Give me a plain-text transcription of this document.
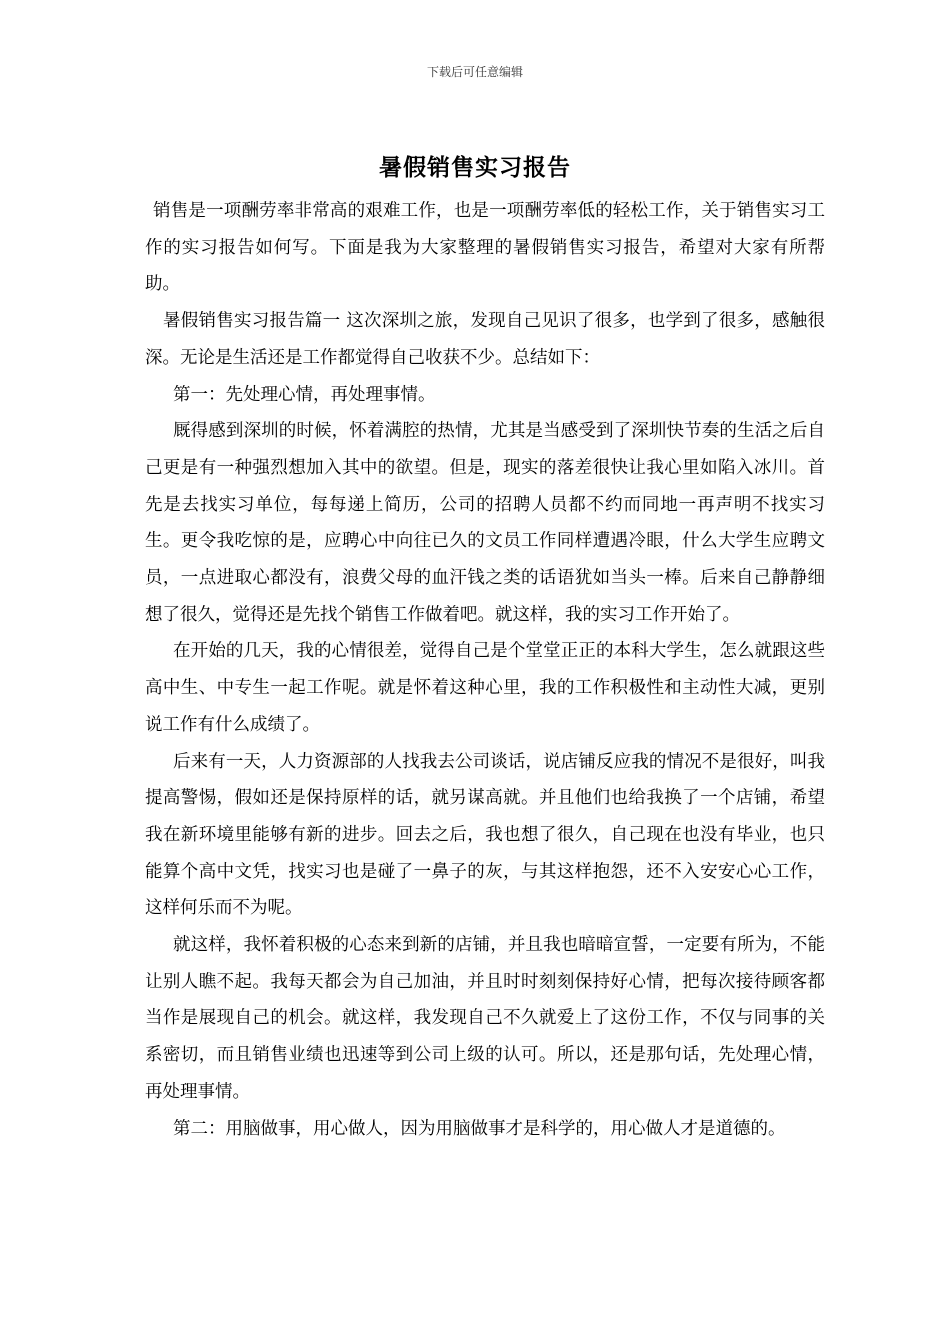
下载后可任意编辑
暑假销售实习报告

销售是一项酬劳率非常高的艰难工作，也是一项酬劳率低的轻松工作，关于销售实习工作的实习报告如何写。下面是我为大家整理的暑假销售实习报告，希望对大家有所帮助。

暑假销售实习报告篇一 这次深圳之旅，发现自己见识了很多，也学到了很多，感触很深。无论是生活还是工作都觉得自己收获不少。总结如下：

第一：先处理心情，再处理事情。

厩得感到深圳的时候，怀着满腔的热情，尤其是当感受到了深圳快节奏的生活之后自己更是有一种强烈想加入其中的欲望。但是，现实的落差很快让我心里如陷入冰川。首先是去找实习单位，每每递上简历，公司的招聘人员都不约而同地一再声明不找实习生。更令我吃惊的是，应聘心中向往已久的文员工作同样遭遇冷眼，什么大学生应聘文员，一点进取心都没有，浪费父母的血汗钱之类的话语犹如当头一棒。后来自己静静细想了很久，觉得还是先找个销售工作做着吧。就这样，我的实习工作开始了。

在开始的几天，我的心情很差，觉得自己是个堂堂正正的本科大学生，怎么就跟这些高中生、中专生一起工作呢。就是怀着这种心里，我的工作积极性和主动性大减，更别说工作有什么成绩了。

后来有一天，人力资源部的人找我去公司谈话，说店铺反应我的情况不是很好，叫我提高警惕，假如还是保持原样的话，就另谋高就。并且他们也给我换了一个店铺，希望我在新环境里能够有新的进步。回去之后，我也想了很久，自己现在也没有毕业，也只能算个高中文凭，找实习也是碰了一鼻子的灰，与其这样抱怨，还不入安安心心工作，这样何乐而不为呢。

就这样，我怀着积极的心态来到新的店铺，并且我也暗暗宣誓，一定要有所为，不能让别人瞧不起。我每天都会为自己加油，并且时时刻刻保持好心情，把每次接待顾客都当作是展现自己的机会。就这样，我发现自己不久就爱上了这份工作，不仅与同事的关系密切，而且销售业绩也迅速等到公司上级的认可。所以，还是那句话，先处理心情，再处理事情。

第二：用脑做事，用心做人，因为用脑做事才是科学的，用心做人才是道德的。
